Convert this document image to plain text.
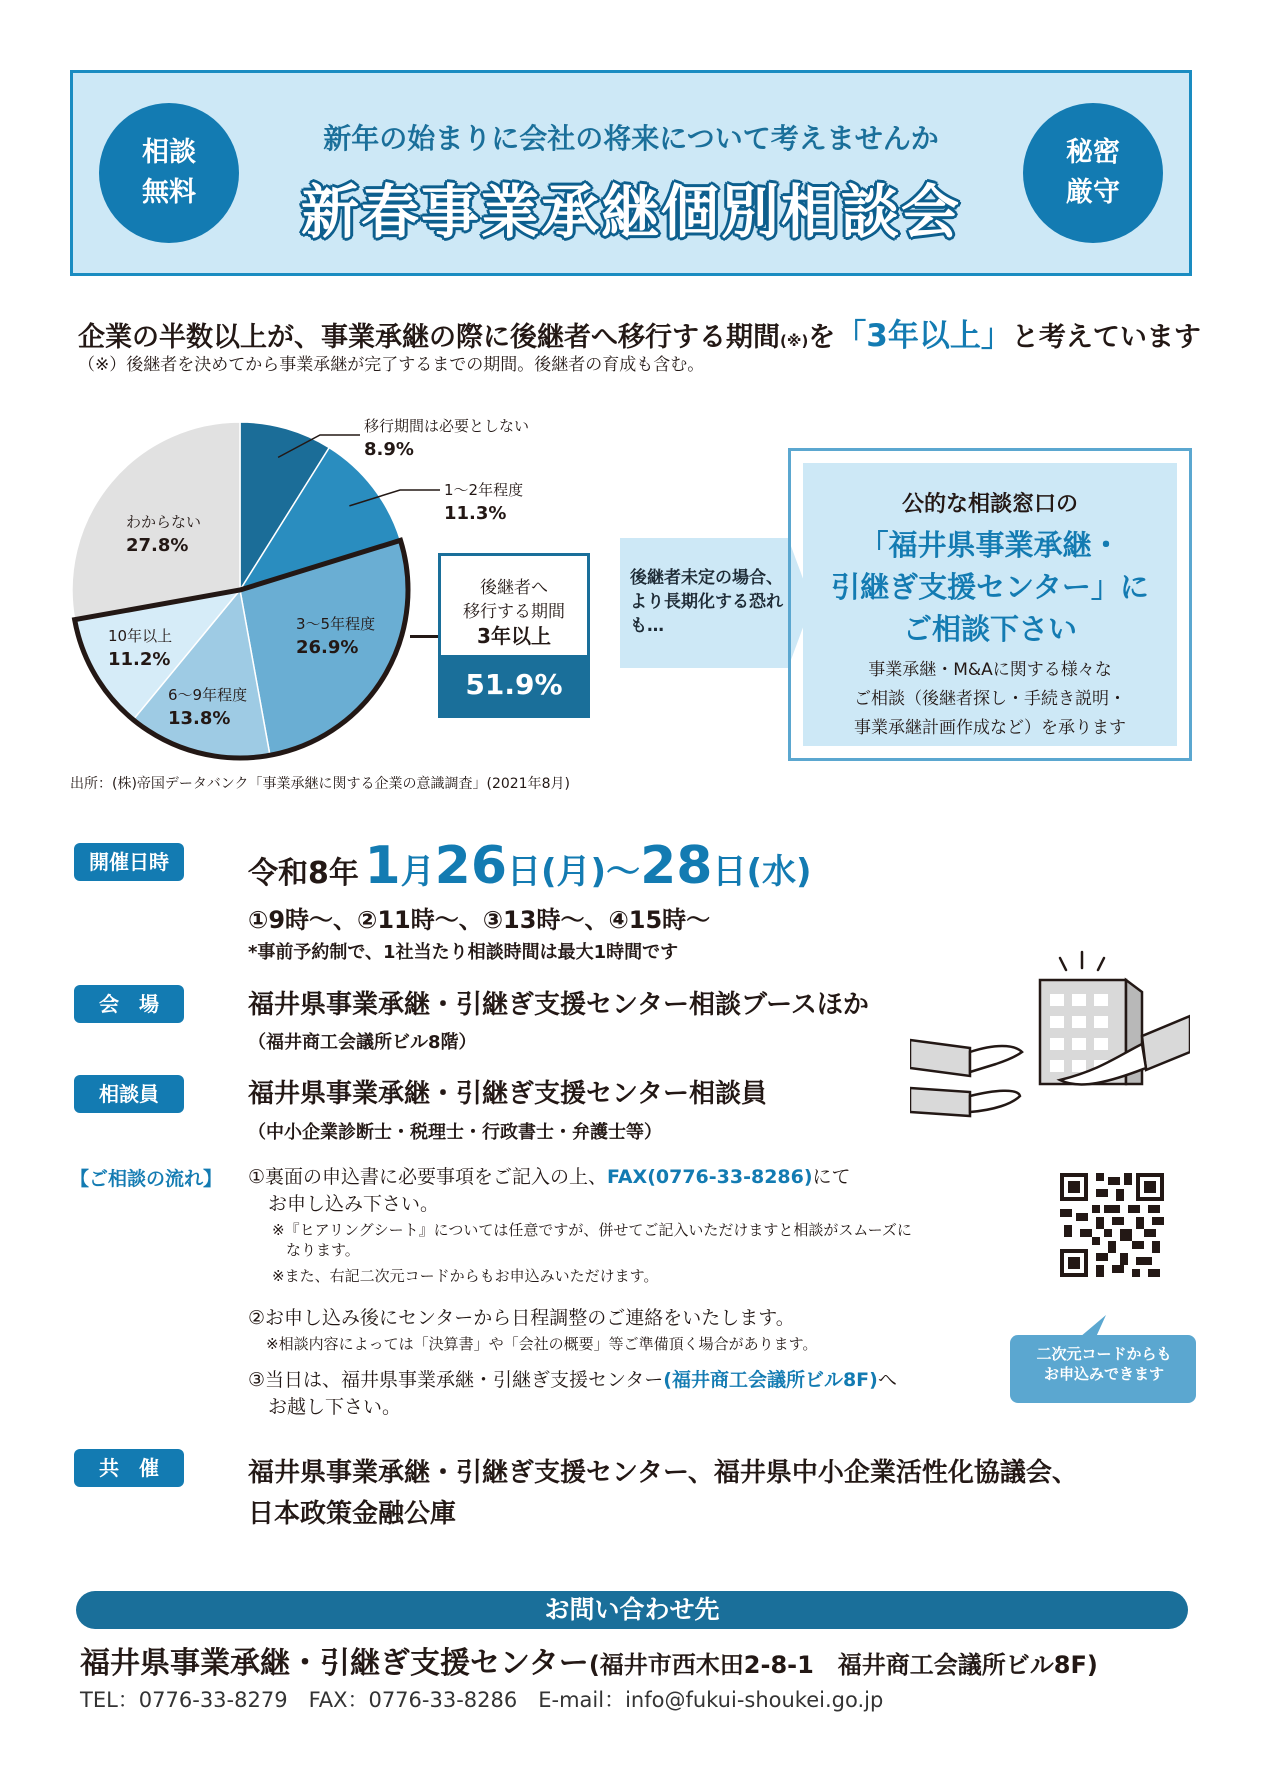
相談
無料
秘密
厳守
新年の始まりに会社の将来について考えませんか
新春事業承継個別相談会
企業の半数以上が、事業承継の際に後継者へ移行する期間(※)を「3年以上」と考えています
（※）後継者を決めてから事業承継が完了するまでの期間。後継者の育成も含む。
移行期間は必要としない
8.9%
1〜2年程度
11.3%
3〜5年程度
26.9%
6〜9年程度
13.8%
10年以上
11.2%
わからない
27.8%
後継者へ
移行する期間
3年以上
51.9%
後継者未定の場合、より長期化する恐れも…
公的な相談窓口の
「福井県事業承継・
引継ぎ支援センター」に
ご相談下さい
事業承継・M&Aに関する様々な
ご相談（後継者探し・手続き説明・
事業承継計画作成など）を承ります
出所：(株)帝国データバンク「事業承継に関する企業の意識調査」(2021年8月)
開催日時	令和8年 1月26日(月)〜28日(水)
①9時〜、②11時〜、③13時〜、④15時〜
*事前予約制で、1社当たり相談時間は最大1時間です
会　場	福井県事業承継・引継ぎ支援センター相談ブースほか
（福井商工会議所ビル8階）
相談員	福井県事業承継・引継ぎ支援センター相談員
（中小企業診断士・税理士・行政書士・弁護士等）
【ご相談の流れ】 ①裏面の申込書に必要事項をご記入の上、FAX(0776-33-8286)にて
お申し込み下さい。
※『ヒアリングシート』については任意ですが、併せてご記入いただけますと相談がスムーズに
なります。
※また、右記二次元コードからもお申込みいただけます。
②お申し込み後にセンターから日程調整のご連絡をいたします。
※相談内容によっては「決算書」や「会社の概要」等ご準備頂く場合があります。
③当日は、福井県事業承継・引継ぎ支援センター(福井商工会議所ビル8F)へ
お越し下さい。
二次元コードからも
お申込みできます
共　催	福井県事業承継・引継ぎ支援センター、福井県中小企業活性化協議会、
日本政策金融公庫
お問い合わせ先
福井県事業承継・引継ぎ支援センター(福井市西木田2-8-1　福井商工会議所ビル8F)
TEL：0776-33-8279　 FAX：0776-33-8286　 E-mail：info@fukui-shoukei.go.jp
